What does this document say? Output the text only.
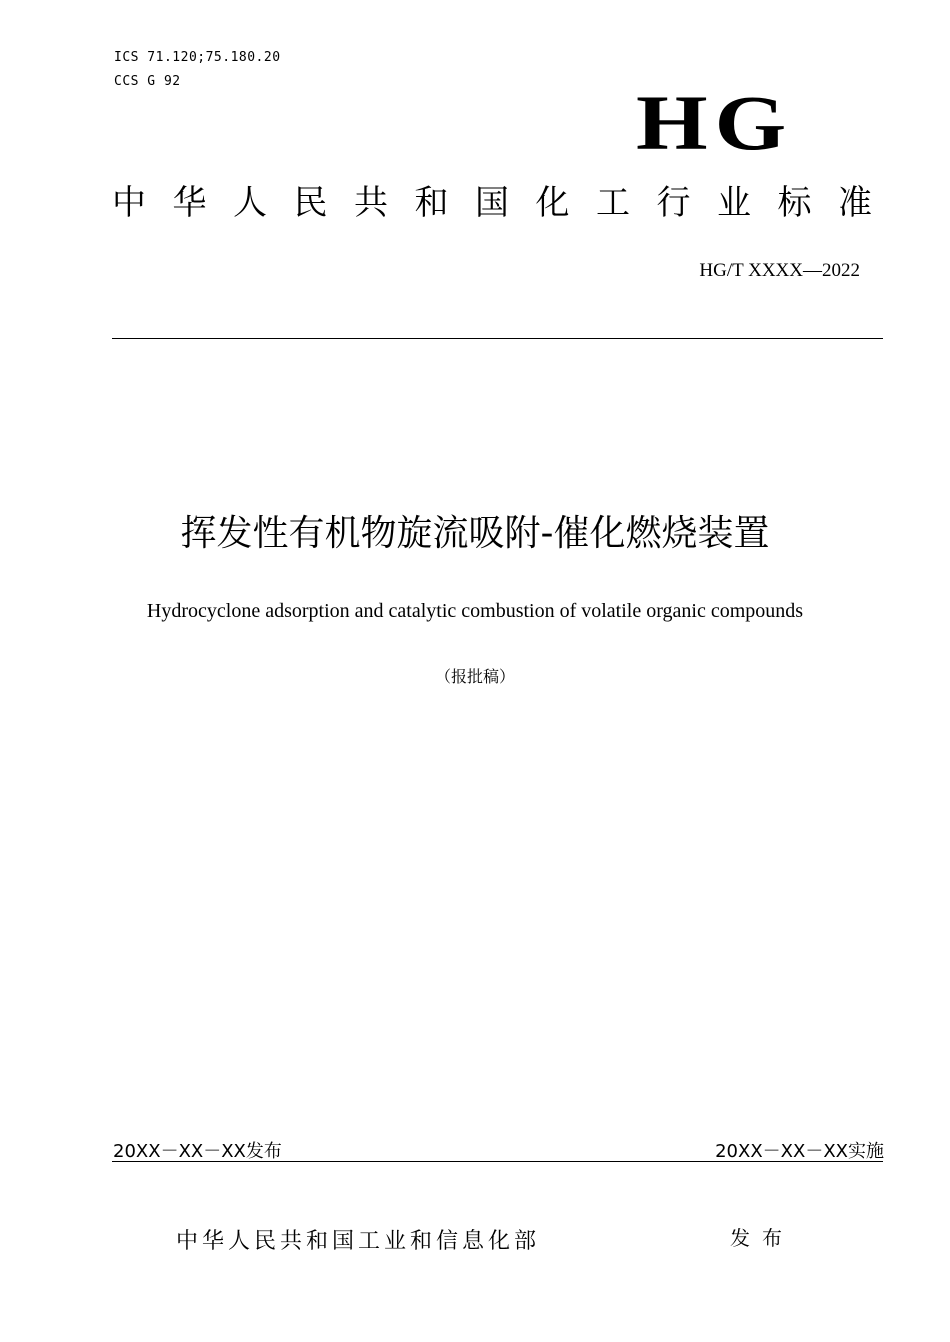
ICS 71.120;75.180.20
CCS G 92	HG
中 华 人 民 共 和 国 化 工 行 业 标 准
HG/T XXXX—2022
挥发性有机物旋流吸附-催化燃烧装置
Hydrocyclone adsorption and catalytic combustion of volatile organic compounds
（报批稿）
20XX－XX－XX发布	20XX－XX－XX实施
中华人民共和国工业和信息化部	发布
